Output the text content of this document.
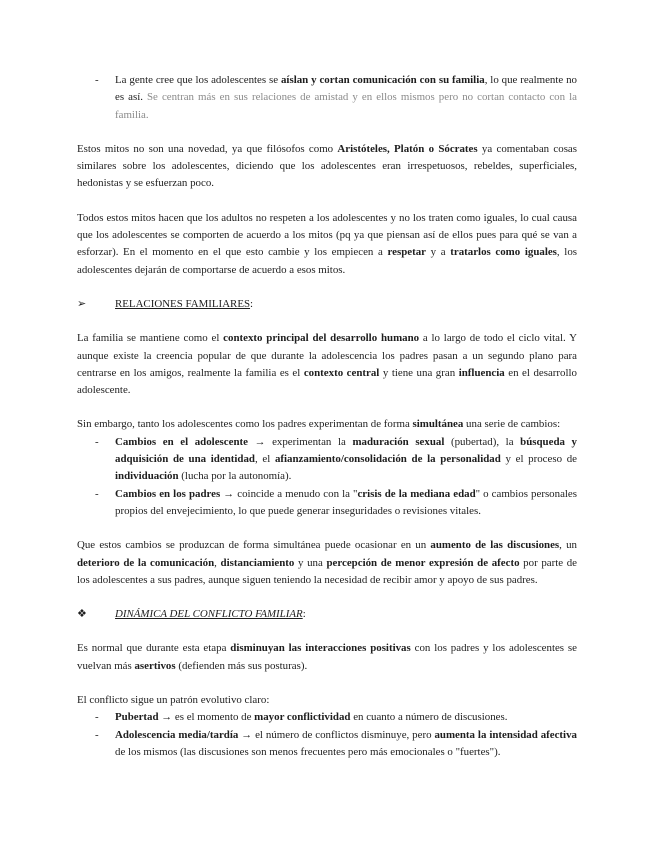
- La gente cree que los adolescentes se aíslan y cortan comunicación con su familia, lo que realmente no es así. Se centran más en sus relaciones de amistad y en ellos mismos pero no cortan contacto con la familia.

Estos mitos no son una novedad, ya que filósofos como Aristóteles, Platón o Sócrates ya comentaban cosas similares sobre los adolescentes, diciendo que los adolescentes eran irrespetuosos, rebeldes, superficiales, hedonistas y se esfuerzan poco.

Todos estos mitos hacen que los adultos no respeten a los adolescentes y no los traten como iguales, lo cual causa que los adolescentes se comporten de acuerdo a los mitos (pq ya que piensan así de ellos pues para qué se van a esforzar). En el momento en el que esto cambie y los empiecen a respetar y a tratarlos como iguales, los adolescentes dejarán de comportarse de acuerdo a esos mitos.

➢	RELACIONES FAMILIARES:

La familia se mantiene como el contexto principal del desarrollo humano a lo largo de todo el ciclo vital. Y aunque existe la creencia popular de que durante la adolescencia los padres pasan a un segundo plano para centrarse en los amigos, realmente la familia es el contexto central y tiene una gran influencia en el desarrollo adolescente.

Sin embargo, tanto los adolescentes como los padres experimentan de forma simultánea una serie de cambios:

- Cambios en el adolescente → experimentan la maduración sexual (pubertad), la búsqueda y adquisición de una identidad, el afianzamiento/consolidación de la personalidad y el proceso de individuación (lucha por la autonomía).
- Cambios en los padres → coincide a menudo con la "crisis de la mediana edad" o cambios personales propios del envejecimiento, lo que puede generar inseguridades o revisiones vitales.

Que estos cambios se produzcan de forma simultánea puede ocasionar en un aumento de las discusiones, un deterioro de la comunicación, distanciamiento y una percepción de menor expresión de afecto por parte de los adolescentes a sus padres, aunque siguen teniendo la necesidad de recibir amor y apoyo de sus padres.

❖	DINÁMICA DEL CONFLICTO FAMILIAR:

Es normal que durante esta etapa disminuyan las interacciones positivas con los padres y los adolescentes se vuelvan más asertivos (defienden más sus posturas).

El conflicto sigue un patrón evolutivo claro:

- Pubertad → es el momento de mayor conflictividad en cuanto a número de discusiones.
- Adolescencia media/tardía → el número de conflictos disminuye, pero aumenta la intensidad afectiva de los mismos (las discusiones son menos frecuentes pero más emocionales o "fuertes").
